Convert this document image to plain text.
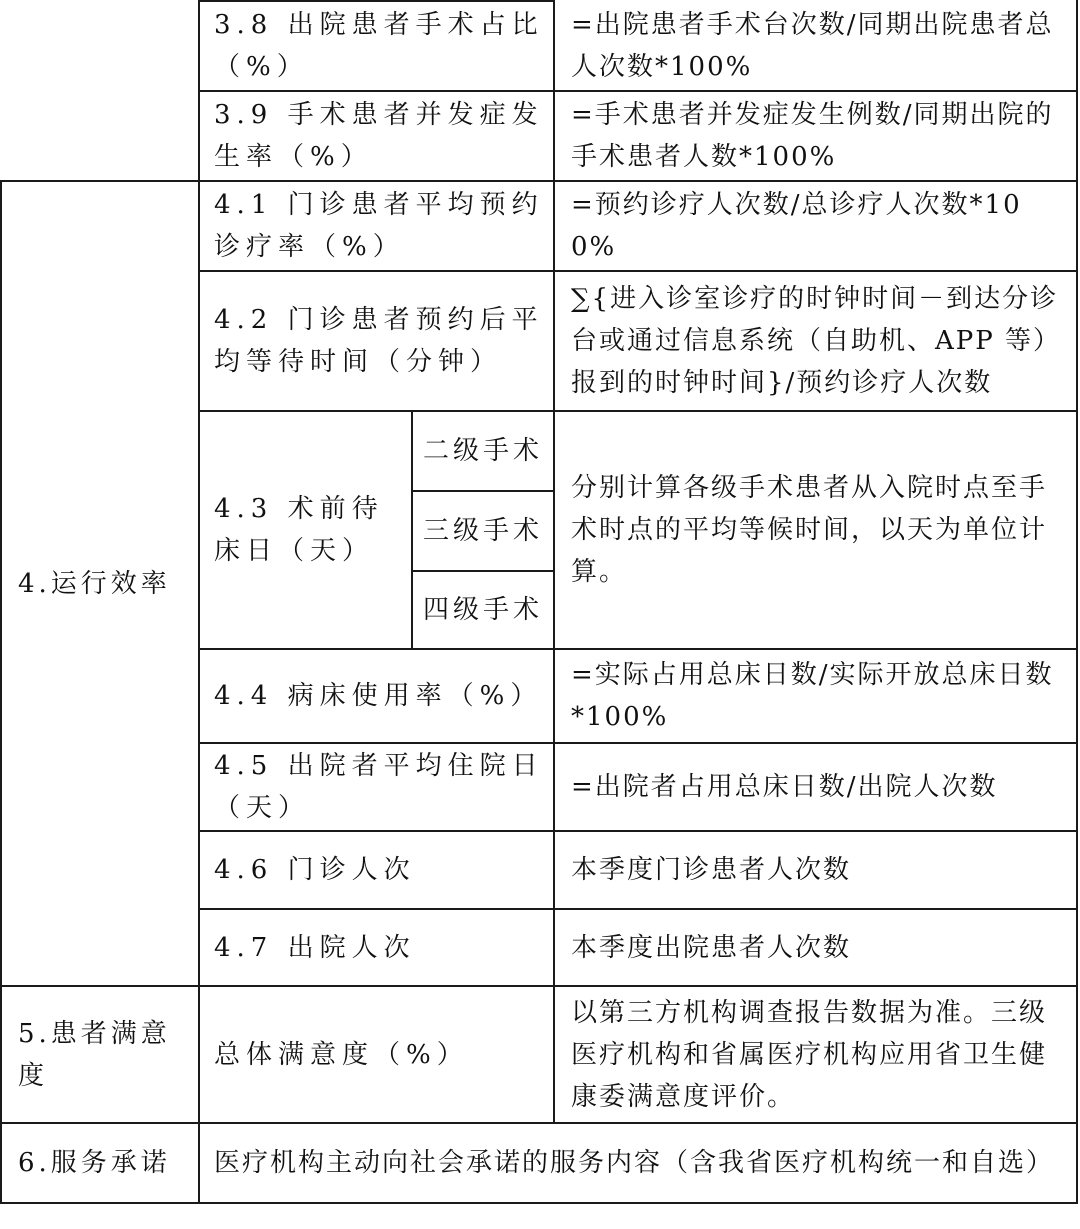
3.8 出院患者手术占比（%）
=出院患者手术台次数/同期出院患者总人次数*100%
3.9 手术患者并发症发生率（%）
=手术患者并发症发生例数/同期出院的手术患者人数*100%
4.运行效率
4.1 门诊患者平均预约诊疗率（%）
=预约诊疗人次数/总诊疗人次数*100%
4.2 门诊患者预约后平均等待时间（分钟）
∑{进入诊室诊疗的时钟时间－到达分诊台或通过信息系统（自助机、APP 等）报到的时钟时间}/预约诊疗人次数
4.3 术前待床日（天）
二级手术
三级手术
四级手术
分别计算各级手术患者从入院时点至手术时点的平均等候时间，以天为单位计算。
4.4 病床使用率（%）
=实际占用总床日数/实际开放总床日数*100%
4.5 出院者平均住院日（天）
=出院者占用总床日数/出院人次数
4.6 门诊人次	本季度门诊患者人次数
4.7 出院人次	本季度出院患者人次数
5.患者满意度
总体满意度（%）
以第三方机构调查报告数据为准。三级医疗机构和省属医疗机构应用省卫生健康委满意度评价。
6.服务承诺 医疗机构主动向社会承诺的服务内容（含我省医疗机构统一和自选）
